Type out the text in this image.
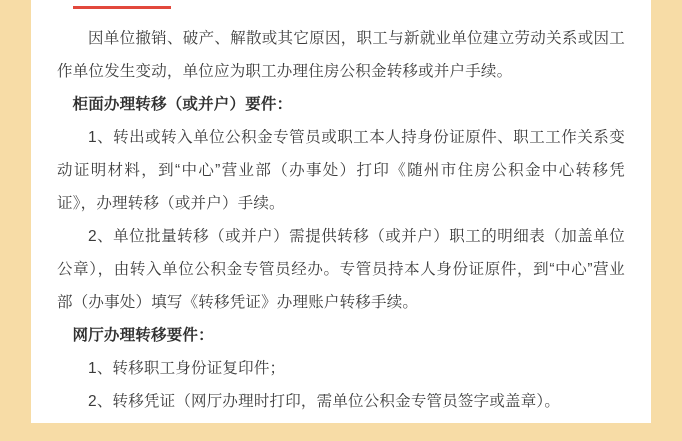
因单位撤销、破产、解散或其它原因，职工与新就业单位建立劳动关系或因工作单位发生变动，单位应为职工办理住房公积金转移或并户手续。

柜面办理转移（或并户）要件：

1、转出或转入单位公积金专管员或职工本人持身份证原件、职工工作关系变动证明材料，到“中心”营业部（办事处）打印《随州市住房公积金中心转移凭证》，办理转移（或并户）手续。

2、单位批量转移（或并户）需提供转移（或并户）职工的明细表（加盖单位公章），由转入单位公积金专管员经办。专管员持本人身份证原件，到“中心”营业部（办事处）填写《转移凭证》办理账户转移手续。

网厅办理转移要件：

1、转移职工身份证复印件；

2、转移凭证（网厅办理时打印，需单位公积金专管员签字或盖章）。
